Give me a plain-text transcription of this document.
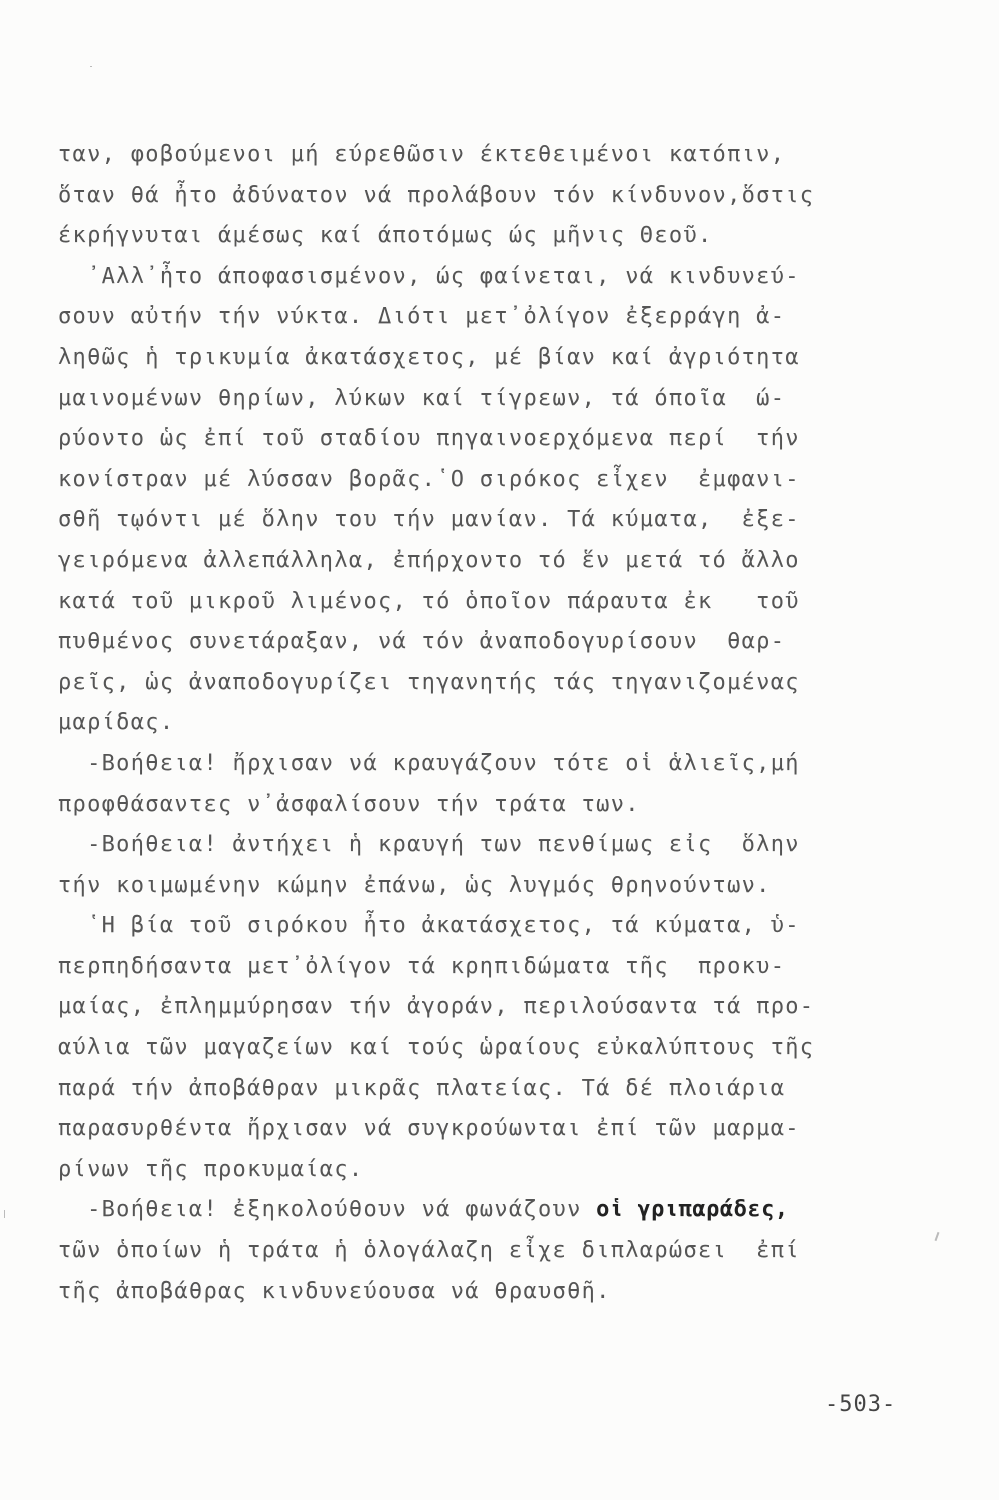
ταν, φοβούμενοι μή εύρεθῶσιν έκτεθειμένοι κατόπιν,
ὅταν θά ἦτο ἀδύνατον νά προλάβουν τόν κίνδυνον,ὅστις
έκρήγνυται άμέσως καί άποτόμως ώς μῆνις Θεοῦ.
᾿Αλλ᾿ἦτο άποφασισμένον, ώς φαίνεται, νά κινδυνεύ-
σουν αὐτήν τήν νύκτα. Διότι μετ᾿ὀλίγον ἐξερράγη ἀ-
ληθῶς ἡ τρικυμία ἀκατάσχετος, μέ βίαν καί ἀγριότητα
μαινομένων θηρίων, λύκων καί τίγρεων, τά όποῖα  ώ-
ρύοντο ὡς ἐπί τοῦ σταδίου πηγαινοερχόμενα περί  τήν
κονίστραν μέ λύσσαν βορᾶς.῾Ο σιρόκος εἶχεν  ἐμφανι-
σθῆ τῳόντι μέ ὅλην του τήν μανίαν. Τά κύματα,  ἐξε-
γειρόμενα ἀλλεπάλληλα, ἐπήρχοντο τό ἕν μετά τό ἄλλο
κατά τοῦ μικροῦ λιμένος, τό ὁποῖον πάραυτα ἐκ   τοῦ
πυθμένος συνετάραξαν, νά τόν ἀναποδογυρίσουν  θαρ-
ρεῖς, ὡς ἀναποδογυρίζει τηγανητής τάς τηγανιζομένας
μαρίδας.
-Βοήθεια! ἤρχισαν νά κραυγάζουν τότε οἱ ἁλιεῖς,μή
προφθάσαντες ν᾿ἀσφαλίσουν τήν τράτα των.
-Βοήθεια! ἀντήχει ἡ κραυγή των πενθίμως εἰς  ὅλην
τήν κοιμωμένην κώμην ἐπάνω, ὡς λυγμός θρηνούντων.
῾Η βία τοῦ σιρόκου ἦτο ἀκατάσχετος, τά κύματα, ὑ-
περπηδήσαντα μετ᾿ὀλίγον τά κρηπιδώματα τῆς  προκυ-
μαίας, ἐπλημμύρησαν τήν ἀγοράν, περιλούσαντα τά προ-
αύλια τῶν μαγαζείων καί τούς ὡραίους εὐκαλύπτους τῆς
παρά τήν ἀποβάθραν μικρᾶς πλατείας. Τά δέ πλοιάρια
παρασυρθέντα ἤρχισαν νά συγκρούωνται ἐπί τῶν μαρμα-
ρίνων τῆς προκυμαίας.
-Βοήθεια! ἐξηκολούθουν νά φωνάζουν οἱ γριπαράδες,
τῶν ὁποίων ἡ τράτα ἡ ὁλογάλαζη εἶχε διπλαρώσει  ἐπί
τῆς ἀποβάθρας κινδυνεύουσα νά θραυσθῆ.
-503-
